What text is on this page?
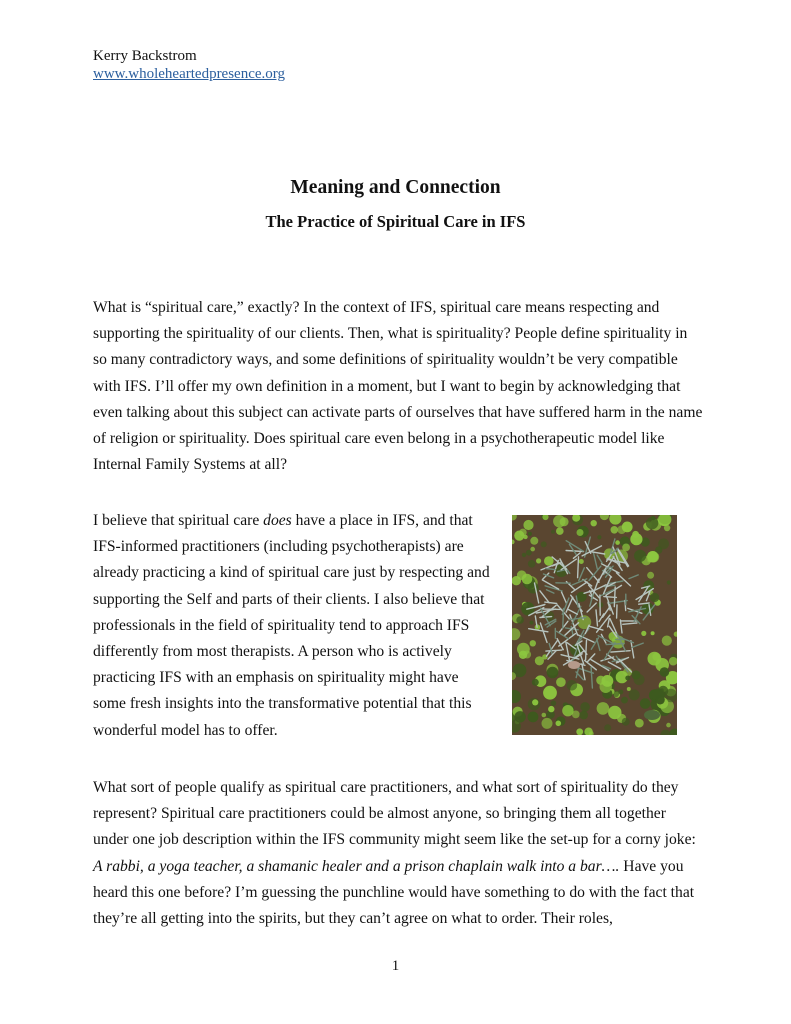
Kerry Backstrom
www.wholeheartedpresence.org
Meaning and Connection
The Practice of Spiritual Care in IFS

What is “spiritual care,” exactly? In the context of IFS, spiritual care means respecting and supporting the spirituality of our clients. Then, what is spirituality? People define spirituality in so many contradictory ways, and some definitions of spirituality wouldn’t be very compatible with IFS. I’ll offer my own definition in a moment, but I want to begin by acknowledging that even talking about this subject can activate parts of ourselves that have suffered harm in the name of religion or spirituality. Does spiritual care even belong in a psychotherapeutic model like Internal Family Systems at all?

I believe that spiritual care does have a place in IFS, and that IFS-informed practitioners (including psychotherapists) are already practicing a kind of spiritual care just by respecting and supporting the Self and parts of their clients. I also believe that professionals in the field of spirituality tend to approach IFS differently from most therapists. A person who is actively practicing IFS with an emphasis on spirituality might have some fresh insights into the transformative potential that this wonderful model has to offer.

What sort of people qualify as spiritual care practitioners, and what sort of spirituality do they represent? Spiritual care practitioners could be almost anyone, so bringing them all together under one job description within the IFS community might seem like the set-up for a corny joke: A rabbi, a yoga teacher, a shamanic healer and a prison chaplain walk into a bar…. Have you heard this one before? I’m guessing the punchline would have something to do with the fact that they’re all getting into the spirits, but they can’t agree on what to order. Their roles,

1
